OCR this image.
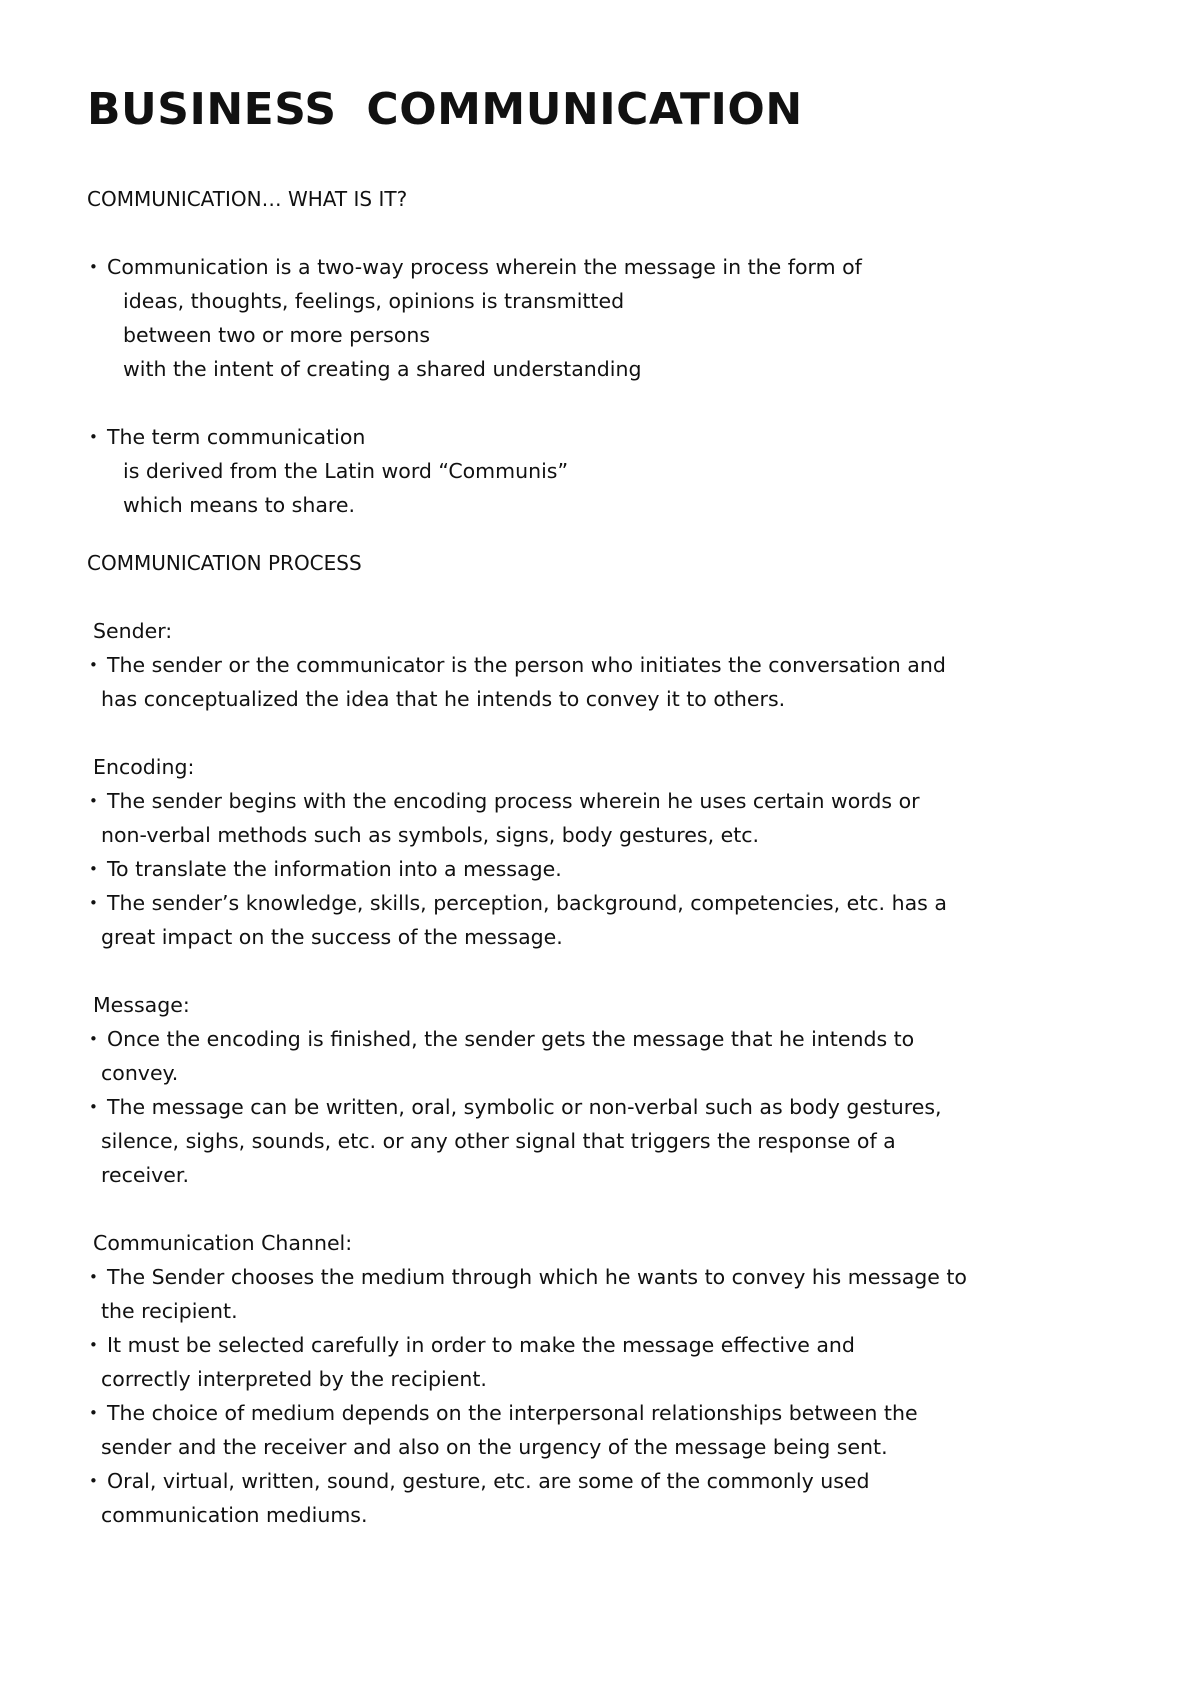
BUSINESS COMMUNICATION

COMMUNICATION… WHAT IS IT?

• Communication is a two-way process wherein the message in the form of
ideas, thoughts, feelings, opinions is transmitted
between two or more persons
with the intent of creating a shared understanding
• The term communication
is derived from the Latin word “Communis”
which means to share.

COMMUNICATION PROCESS

Sender:

• The sender or the communicator is the person who initiates the conversation and
has conceptualized the idea that he intends to convey it to others.

Encoding:

• The sender begins with the encoding process wherein he uses certain words or
non-verbal methods such as symbols, signs, body gestures, etc.
• To translate the information into a message.
• The sender’s knowledge, skills, perception, background, competencies, etc. has a
great impact on the success of the message.

Message:

• Once the encoding is finished, the sender gets the message that he intends to
convey.
• The message can be written, oral, symbolic or non-verbal such as body gestures,
silence, sighs, sounds, etc. or any other signal that triggers the response of a
receiver.

Communication Channel:

• The Sender chooses the medium through which he wants to convey his message to
the recipient.
• It must be selected carefully in order to make the message effective and
correctly interpreted by the recipient.
• The choice of medium depends on the interpersonal relationships between the
sender and the receiver and also on the urgency of the message being sent.
• Oral, virtual, written, sound, gesture, etc. are some of the commonly used
communication mediums.
